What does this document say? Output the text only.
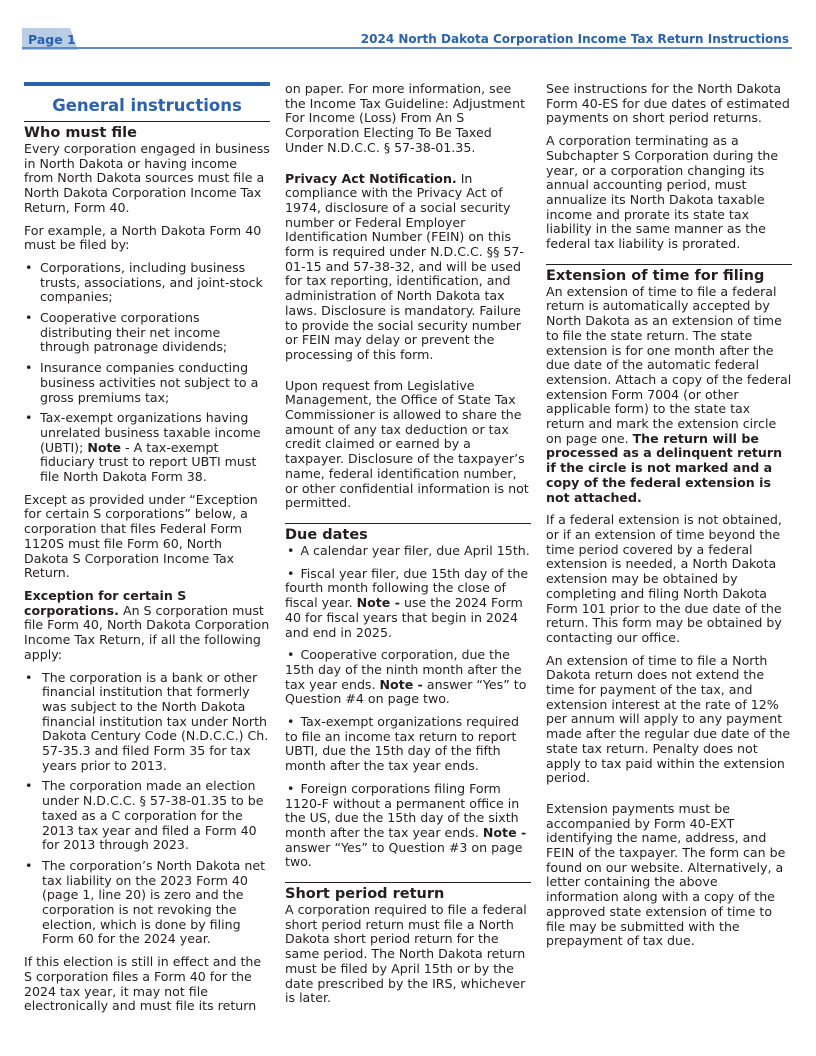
Page 1	2024 North Dakota Corporation Income Tax Return Instructions
General instructions
Who must file

Every corporation engaged in business in North Dakota or having income from North Dakota sources must file a North Dakota Corporation Income Tax Return, Form 40.

For example, a North Dakota Form 40 must be filed by:

• Corporations, including business trusts, associations, and joint-stock companies;
• Cooperative corporations distributing their net income through patronage dividends;
• Insurance companies conducting business activities not subject to a gross premiums tax;
• Tax-exempt organizations having unrelated business taxable income (UBTI); Note - A tax-exempt fiduciary trust to report UBTI must file North Dakota Form 38.

Except as provided under “Exception for certain S corporations” below, a corporation that files Federal Form 1120S must file Form 60, North Dakota S Corporation Income Tax Return.

Exception for certain S corporations. An S corporation must file Form 40, North Dakota Corporation Income Tax Return, if all the following apply:

• The corporation is a bank or other financial institution that formerly was subject to the North Dakota financial institution tax under North Dakota Century Code (N.D.C.C.) Ch. 57-35.3 and filed Form 35 for tax years prior to 2013.
• The corporation made an election under N.D.C.C. § 57-38-01.35 to be taxed as a C corporation for the 2013 tax year and filed a Form 40 for 2013 through 2023.
• The corporation’s North Dakota net tax liability on the 2023 Form 40 (page 1, line 20) is zero and the corporation is not revoking the election, which is done by filing Form 60 for the 2024 year.

If this election is still in effect and the S corporation files a Form 40 for the 2024 tax year, it may not file electronically and must file its return

on paper. For more information, see the Income Tax Guideline: Adjustment For Income (Loss) From An S Corporation Electing To Be Taxed Under N.D.C.C. § 57-38-01.35.

Privacy Act Notification. In compliance with the Privacy Act of 1974, disclosure of a social security number or Federal Employer Identification Number (FEIN) on this form is required under N.D.C.C. §§ 57-01-15 and 57-38-32, and will be used for tax reporting, identification, and administration of North Dakota tax laws. Disclosure is mandatory. Failure to provide the social security number or FEIN may delay or prevent the processing of this form.

Upon request from Legislative Management, the Office of State Tax Commissioner is allowed to share the amount of any tax deduction or tax credit claimed or earned by a taxpayer. Disclosure of the taxpayer’s name, federal identification number, or other confidential information is not permitted.

Due dates
• A calendar year filer, due April 15th.
• Fiscal year filer, due 15th day of the fourth month following the close of fiscal year. Note - use the 2024 Form 40 for fiscal years that begin in 2024 and end in 2025.
• Cooperative corporation, due the 15th day of the ninth month after the tax year ends. Note - answer “Yes” to Question #4 on page two.
• Tax-exempt organizations required to file an income tax return to report UBTI, due the 15th day of the fifth month after the tax year ends.
• Foreign corporations filing Form 1120-F without a permanent office in the US, due the 15th day of the sixth month after the tax year ends. Note - answer “Yes” to Question #3 on page two.
Short period return

A corporation required to file a federal short period return must file a North Dakota short period return for the same period. The North Dakota return must be filed by April 15th or by the date prescribed by the IRS, whichever is later.

See instructions for the North Dakota Form 40-ES for due dates of estimated payments on short period returns.

A corporation terminating as a Subchapter S Corporation during the year, or a corporation changing its annual accounting period, must annualize its North Dakota taxable income and prorate its state tax liability in the same manner as the federal tax liability is prorated.

Extension of time for filing

An extension of time to file a federal return is automatically accepted by North Dakota as an extension of time to file the state return. The state extension is for one month after the due date of the automatic federal extension. Attach a copy of the federal extension Form 7004 (or other applicable form) to the state tax return and mark the extension circle on page one. The return will be processed as a delinquent return if the circle is not marked and a copy of the federal extension is not attached.

If a federal extension is not obtained, or if an extension of time beyond the time period covered by a federal extension is needed, a North Dakota extension may be obtained by completing and filing North Dakota Form 101 prior to the due date of the return. This form may be obtained by contacting our office.

An extension of time to file a North Dakota return does not extend the time for payment of the tax, and extension interest at the rate of 12% per annum will apply to any payment made after the regular due date of the state tax return. Penalty does not apply to tax paid within the extension period.

Extension payments must be accompanied by Form 40-EXT identifying the name, address, and FEIN of the taxpayer. The form can be found on our website. Alternatively, a letter containing the above information along with a copy of the approved state extension of time to file may be submitted with the prepayment of tax due.
